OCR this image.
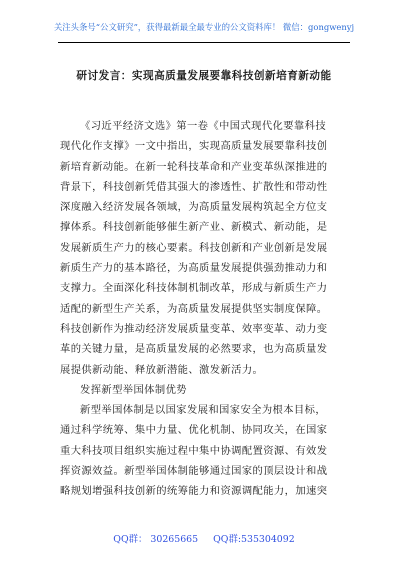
关注头条号“公文研究”，获得最新最全最专业的公文资料库！ 微信：gongwenyj
研讨发言：实现高质量发展要靠科技创新培育新动能
《习近平经济文选》第一卷《中国式现代化要靠科技
现代化作支撑》一文中指出，实现高质量发展要靠科技创
新培育新动能。在新一轮科技革命和产业变革纵深推进的
背景下，科技创新凭借其强大的渗透性、扩散性和带动性
深度融入经济发展各领域，为高质量发展构筑起全方位支
撑体系。科技创新能够催生新产业、新模式、新动能，是
发展新质生产力的核心要素。科技创新和产业创新是发展
新质生产力的基本路径，为高质量发展提供强劲推动力和
支撑力。全面深化科技体制机制改革，形成与新质生产力
适配的新型生产关系，为高质量发展提供坚实制度保障。
科技创新作为推动经济发展质量变革、效率变革、动力变
革的关键力量，是高质量发展的必然要求，也为高质量发
展提供新动能、释放新潜能、激发新活力。
发挥新型举国体制优势
新型举国体制是以国家发展和国家安全为根本目标，
通过科学统筹、集中力量、优化机制、协同攻关，在国家
重大科技项目组织实施过程中集中协调配置资源、有效发
挥资源效益。新型举国体制能够通过国家的顶层设计和战
略规划增强科技创新的统筹能力和资源调配能力，加速突
QQ群： 30265665 QQ群:535304092
